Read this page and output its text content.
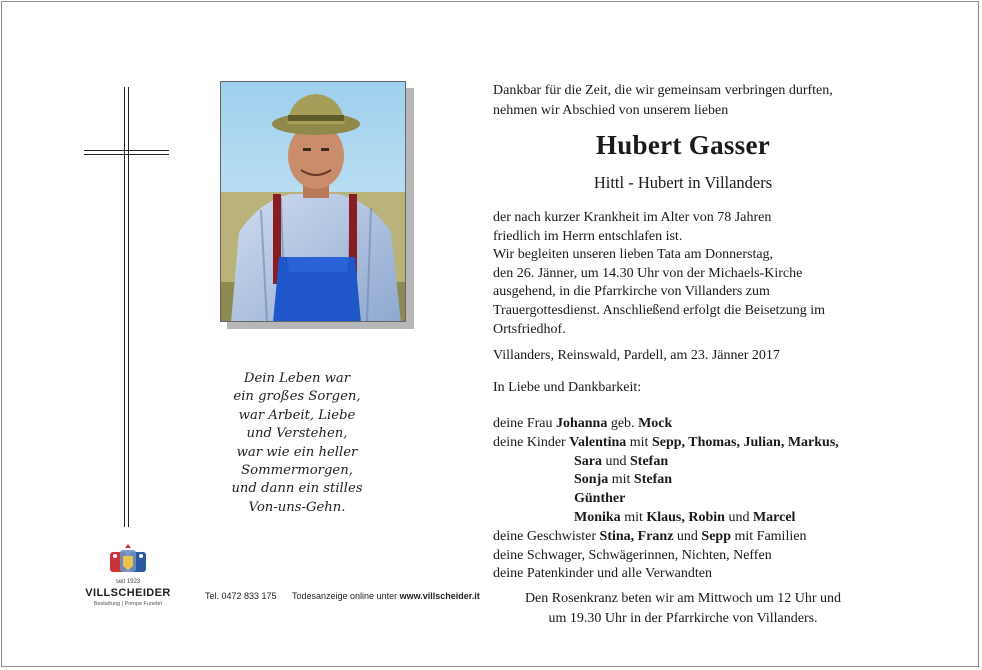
Dein Leben war
ein großes Sorgen,
war Arbeit, Liebe
und Verstehen,
war wie ein heller
Sommermorgen,
und dann ein stilles
Von-uns-Gehn.
seit 1923
VILLSCHEIDER
Bestattung | Pompe Funebri
Tel. 0472 833 175 Todesanzeige online unter www.villscheider.it
Dankbar für die Zeit, die wir gemeinsam verbringen durften,
nehmen wir Abschied von unserem lieben
Hubert Gasser
Hittl - Hubert in Villanders
der nach kurzer Krankheit im Alter von 78 Jahren
friedlich im Herrn entschlafen ist.
Wir begleiten unseren lieben Tata am Donnerstag,
den 26. Jänner, um 14.30 Uhr von der Michaels-Kirche
ausgehend, in die Pfarrkirche von Villanders zum
Trauergottesdienst. Anschließend erfolgt die Beisetzung im
Ortsfriedhof.
Villanders, Reinswald, Pardell, am 23. Jänner 2017
In Liebe und Dankbarkeit:
deine Frau Johanna geb. Mock
deine Kinder Valentina mit Sepp, Thomas, Julian, Markus,
Sara und Stefan
Sonja mit Stefan
Günther
Monika mit Klaus, Robin und Marcel
deine Geschwister Stina, Franz und Sepp mit Familien
deine Schwager, Schwägerinnen, Nichten, Neffen
deine Patenkinder und alle Verwandten
Den Rosenkranz beten wir am Mittwoch um 12 Uhr und
um 19.30 Uhr in der Pfarrkirche von Villanders.
